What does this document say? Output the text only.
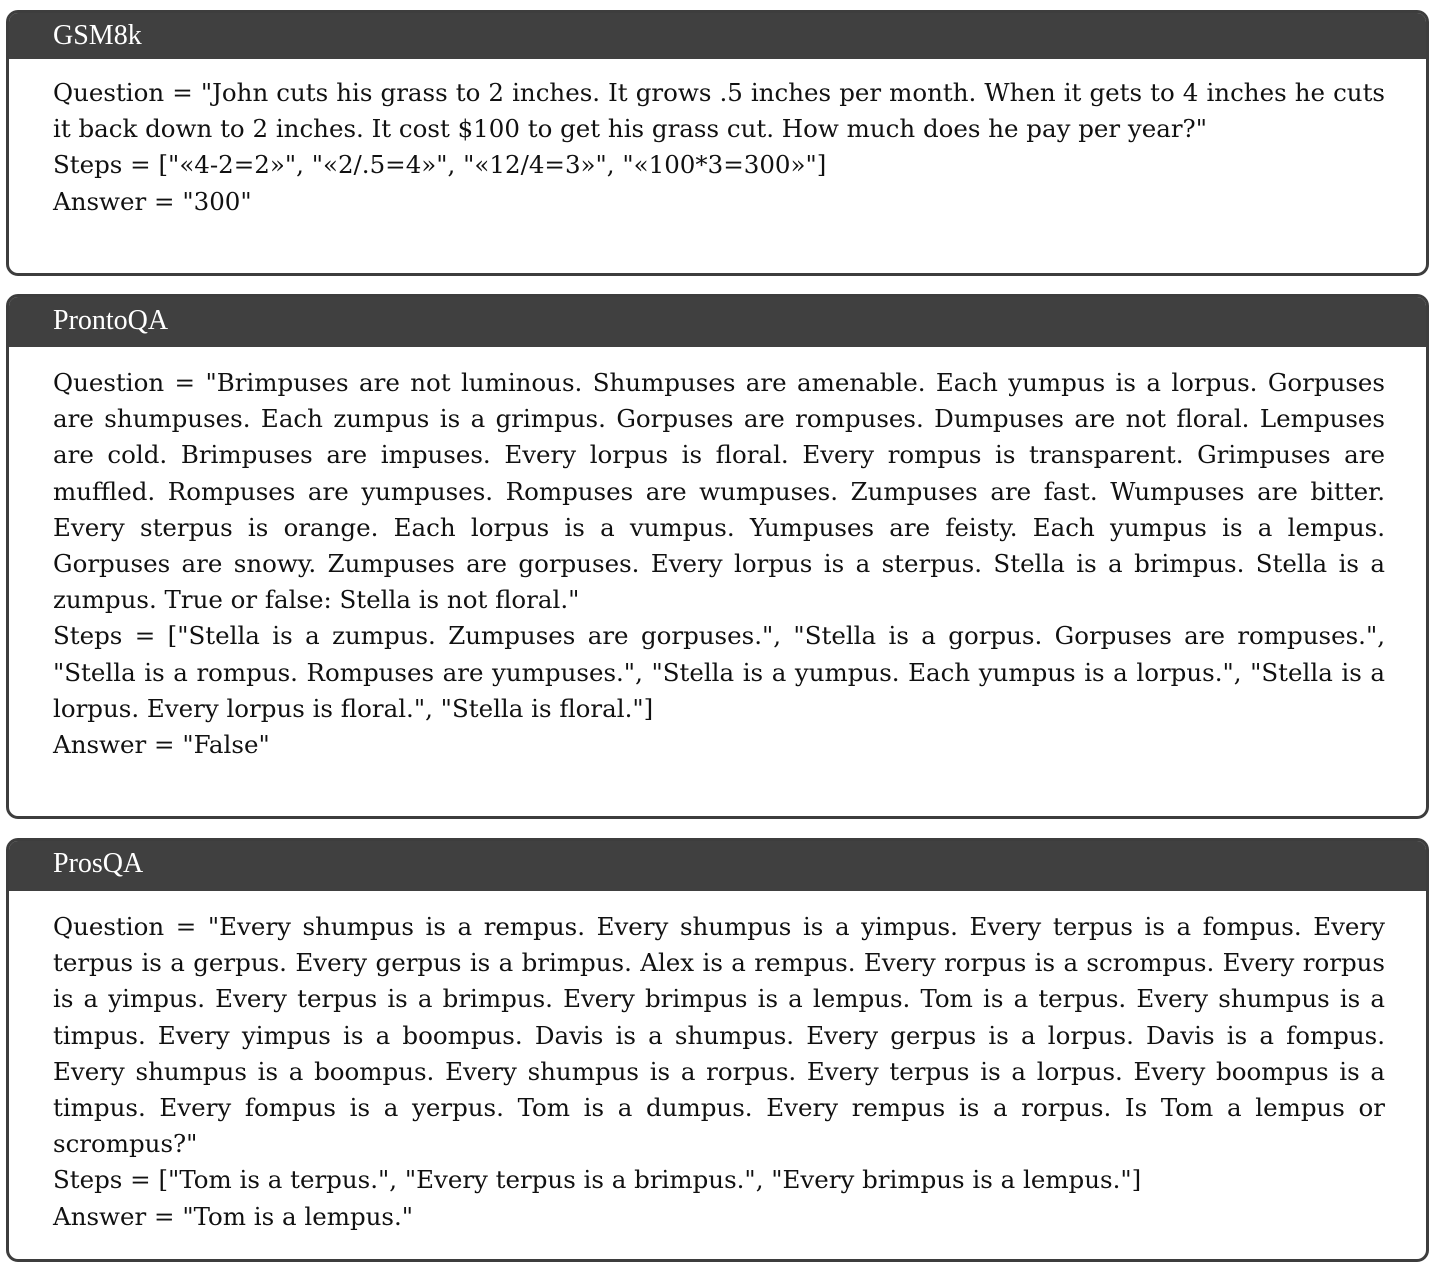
GSM8k

Question = "John cuts his grass to 2 inches. It grows .5 inches per month. When it gets to 4 inches he cuts it back down to 2 inches. It cost $100 to get his grass cut. How much does he pay per year?"

Steps = ["«4-2=2»", "«2/.5=4»", "«12/4=3»", "«100*3=300»"]

Answer = "300"

ProntoQA

Question = "Brimpuses are not luminous. Shumpuses are amenable. Each yumpus is a lorpus. Gorpuses are shumpuses. Each zumpus is a grimpus. Gorpuses are rompuses. Dumpuses are not floral. Lempuses are cold. Brimpuses are impuses. Every lorpus is floral. Every rompus is transparent. Grimpuses are muffled. Rompuses are yumpuses. Rompuses are wumpuses. Zumpuses are fast. Wumpuses are bitter. Every sterpus is orange. Each lorpus is a vumpus. Yumpuses are feisty. Each yumpus is a lempus. Gorpuses are snowy. Zumpuses are gorpuses. Every lorpus is a sterpus. Stella is a brimpus. Stella is a zumpus. True or false: Stella is not floral."

Steps = ["Stella is a zumpus. Zumpuses are gorpuses.", "Stella is a gorpus. Gorpuses are rompuses.", "Stella is a rompus. Rompuses are yumpuses.", "Stella is a yumpus. Each yumpus is a lorpus.", "Stella is a lorpus. Every lorpus is floral.", "Stella is floral."]

Answer = "False"

ProsQA

Question = "Every shumpus is a rempus. Every shumpus is a yimpus. Every terpus is a fompus. Every terpus is a gerpus. Every gerpus is a brimpus. Alex is a rempus. Every rorpus is a scrompus. Every rorpus is a yimpus. Every terpus is a brimpus. Every brimpus is a lempus. Tom is a terpus. Every shumpus is a timpus. Every yimpus is a boompus. Davis is a shumpus. Every gerpus is a lorpus. Davis is a fompus. Every shumpus is a boompus. Every shumpus is a rorpus. Every terpus is a lorpus. Every boompus is a timpus. Every fompus is a yerpus. Tom is a dumpus. Every rempus is a rorpus. Is Tom a lempus or scrompus?"

Steps = ["Tom is a terpus.", "Every terpus is a brimpus.", "Every brimpus is a lempus."]

Answer = "Tom is a lempus."
